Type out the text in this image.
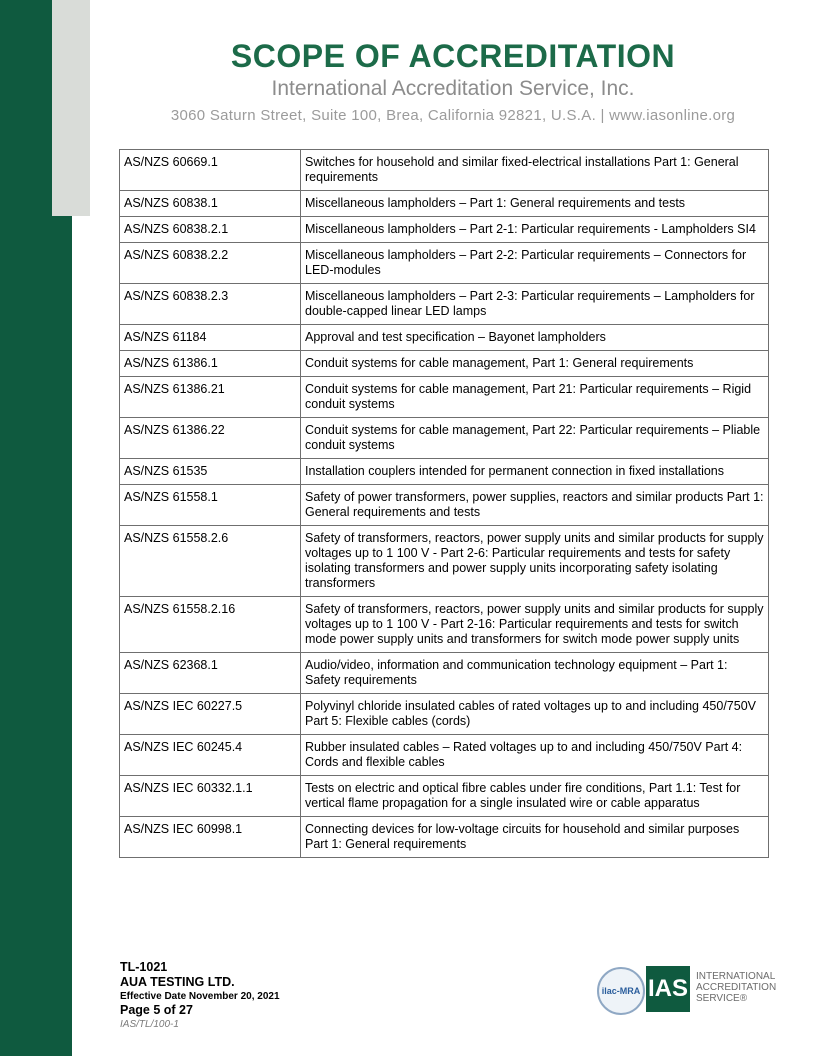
SCOPE OF ACCREDITATION
International Accreditation Service, Inc.
3060 Saturn Street, Suite 100, Brea, California 92821, U.S.A. | www.iasonline.org
AS/NZS 60669.1	Switches for household and similar fixed-electrical installations Part 1: General requirements
AS/NZS 60838.1	Miscellaneous lampholders – Part 1: General requirements and tests
AS/NZS 60838.2.1	Miscellaneous lampholders – Part 2-1: Particular requirements - Lampholders SI4
AS/NZS 60838.2.2	Miscellaneous lampholders – Part 2-2: Particular requirements – Connectors for LED-modules
AS/NZS 60838.2.3	Miscellaneous lampholders – Part 2-3: Particular requirements – Lampholders for double-capped linear LED lamps
AS/NZS 61184	Approval and test specification – Bayonet lampholders
AS/NZS 61386.1	Conduit systems for cable management, Part 1: General requirements
AS/NZS 61386.21	Conduit systems for cable management, Part 21: Particular requirements – Rigid conduit systems
AS/NZS 61386.22	Conduit systems for cable management, Part 22: Particular requirements – Pliable conduit systems
AS/NZS 61535	Installation couplers intended for permanent connection in fixed installations
AS/NZS 61558.1	Safety of power transformers, power supplies, reactors and similar products Part 1: General requirements and tests
AS/NZS 61558.2.6	Safety of transformers, reactors, power supply units and similar products for supply voltages up to 1 100 V - Part 2-6: Particular requirements and tests for safety isolating transformers and power supply units incorporating safety isolating transformers
AS/NZS 61558.2.16	Safety of transformers, reactors, power supply units and similar products for supply voltages up to 1 100 V - Part 2-16: Particular requirements and tests for switch mode power supply units and transformers for switch mode power supply units
AS/NZS 62368.1	Audio/video, information and communication technology equipment – Part 1: Safety requirements
AS/NZS IEC 60227.5	Polyvinyl chloride insulated cables of rated voltages up to and including 450/750V Part 5: Flexible cables (cords)
AS/NZS IEC 60245.4	Rubber insulated cables – Rated voltages up to and including 450/750V Part 4: Cords and flexible cables
AS/NZS IEC 60332.1.1	Tests on electric and optical fibre cables under fire conditions, Part 1.1: Test for vertical flame propagation for a single insulated wire or cable apparatus
AS/NZS IEC 60998.1	Connecting devices for low-voltage circuits for household and similar purposes Part 1: General requirements
TL-1021
AUA TESTING LTD.
Effective Date November 20, 2021
Page 5 of 27
IAS/TL/100-1
ilac-MRA IAS INTERNATIONAL
ACCREDITATION
SERVICE®
